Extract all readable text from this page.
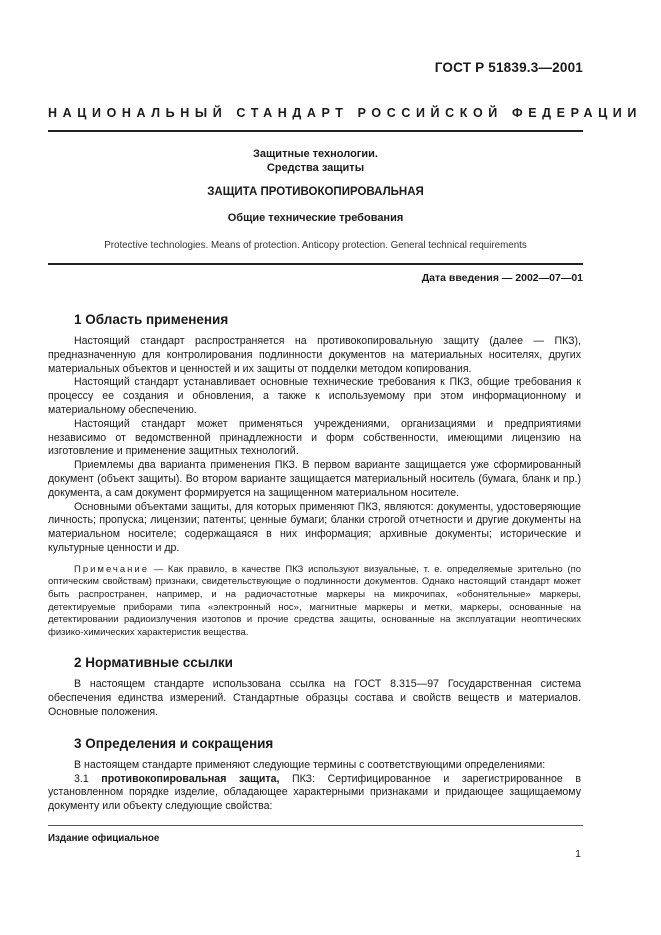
ГОСТ Р 51839.3—2001
НАЦИОНАЛЬНЫЙ СТАНДАРТ РОССИЙСКОЙ ФЕДЕРАЦИИ
Защитные технологии.
Средства защиты
ЗАЩИТА ПРОТИВОКОПИРОВАЛЬНАЯ
Общие технические требования
Protective technologies. Means of protection. Anticopy protection. General technical requirements
Дата введения — 2002—07—01
1 Область применения

Настоящий стандарт распространяется на противокопировальную защиту (далее — ПКЗ), предназначенную для контролирования подлинности документов на материальных носителях, других материальных объектов и ценностей и их защиты от подделки методом копирования.

Настоящий стандарт устанавливает основные технические требования к ПКЗ, общие требования к процессу ее создания и обновления, а также к используемому при этом информационному и материальному обеспечению.

Настоящий стандарт может применяться учреждениями, организациями и предприятиями независимо от ведомственной принадлежности и форм собственности, имеющими лицензию на изготовление и применение защитных технологий.

Приемлемы два варианта применения ПКЗ. В первом варианте защищается уже сформированный документ (объект защиты). Во втором варианте защищается материальный носитель (бумага, бланк и пр.) документа, а сам документ формируется на защищенном материальном носителе.

Основными объектами защиты, для которых применяют ПКЗ, являются: документы, удостоверяющие личность; пропуска; лицензии; патенты; ценные бумаги; бланки строгой отчетности и другие документы на материальном носителе; содержащаяся в них информация; архивные документы; исторические и культурные ценности и др.

Примечание — Как правило, в качестве ПКЗ используют визуальные, т. е. определяемые зрительно (по оптическим свойствам) признаки, свидетельствующие о подлинности документов. Однако настоящий стандарт может быть распространен, например, и на радиочастотные маркеры на микрочипах, «обонятельные» маркеры, детектируемые приборами типа «электронный нос», магнитные маркеры и метки, маркеры, основанные на детектировании радиоизлучения изотопов и прочие средства защиты, основанные на эксплуатации неоптических физико-химических характеристик вещества.

2 Нормативные ссылки

В настоящем стандарте использована ссылка на ГОСТ 8.315—97 Государственная система обеспечения единства измерений. Стандартные образцы состава и свойств веществ и материалов. Основные положения.

3 Определения и сокращения

В настоящем стандарте применяют следующие термины с соответствующими определениями:

3.1 противокопировальная защита, ПКЗ: Сертифицированное и зарегистрированное в установленном порядке изделие, обладающее характерными признаками и придающее защищаемому документу или объекту следующие свойства:

Издание официальное
1
